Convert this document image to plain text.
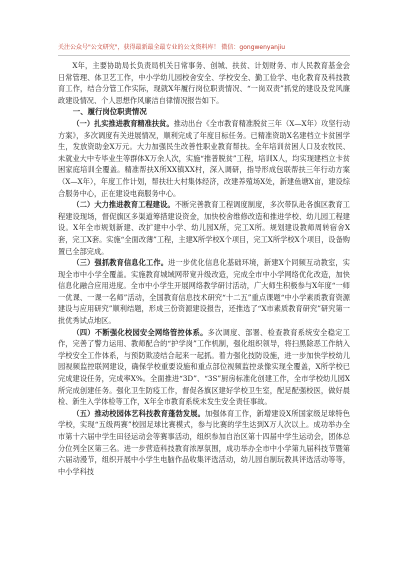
关注公众号"公文研究"，获得最新最全最专业的公文资料库！ 微信：gongwenyanjiu

X年，主要协助局长负责局机关日常事务、创城、扶贫、计划财务、市人民教育基金会日常管理、体卫艺工作，中小学幼儿园校舍安全、学校安全、勤工俭学、电化教育及科技教育工作，结合分管工作实际，现就X年履行岗位职责情况、“一岗双责”抓党的建设及党风廉政建设情况、个人思想作风廉洁自律情况报告如下。

一、履行岗位职责情况

（一）扎实推进教育精准扶贫。推动出台《全市教育精准脱贫三年（X—X年）攻坚行动方案》，多次调度有关进展情况，顺利完成了年度目标任务。已精准资助X名建档立卡贫困学生，发放资助金X万元。大力加强民生改善性职业教育帮扶。全年培训贫困人口及农牧民、未就业大中专毕业生等群体X万余人次，实施“推普脱贫”工程，培训X人，均实现建档立卡贫困家庭培训全覆盖。精准帮扶X所XX镇XX村，深入调研，指导形成包联帮扶三年行动方案（X—X年），年度工作计划，帮扶壮大村集体经济，改建养殖场X处，新建鱼塘X亩，建设综合服务中心，正在建设电商服务中心。

（二）大力推进教育工程建设。不断完善教育工程调度制度，多次带队赴各旗区教育工程建设现场，督促旗区多渠道筹措建设资金，加快校舍维修改造和推进学校、幼儿园工程建设。X年全市规划新建、改扩建中小学、幼儿园X所，完工X所。规划建设教师周转宿舍X套，完工X套。实施“全面改薄”工程，主建X所学校X个项目，完工X所学校X个项目，设备购置已全部完成。

（三）强抓教育信息化工作。进一步优化信息化基础环境，新建X个同频互动教室，实现全市中小学全覆盖。实施教育城域网带宽升级改造，完成全市中小学网络优化改造，加快信息化融合应用进度。全市中小学生开展网络教学研讨活动，广大师生积极参与X年度“一师一优课、一课一名师”活动，全国教育信息技术研究“十二五”重点课题“中小学素质教育资源建设与应用研究”顺利结题，形成三份资源建设报告，还推选了“X市素质教育研究”研究第一批优秀试点地区。

（四）不断强化校园安全网络管控体系。多次调度、部署、检查教育系统安全稳定工作，完善了警力运用、教师配合的“护学岗”工作机制，强化组织领导，将扫黑除恶工作纳入学校安全工作体系，与预防欺凌结合起来一起抓。着力强化技防设施，进一步加快学校幼儿园视频监控联网建设，确保学校重要设施和重点部位视频监控录像实现全覆盖，X所学校已完成建设任务，完成率X%。全面推进“3D”、“3S”厨房标准化创建工作，全市学校幼儿园X所完成创建任务。强化卫生防疫工作，督促各旗区建好学校卫生室，配足配强校医，做好晨检、新生入学体检等工作，X年全市教育系统未发生安全责任事故。

（五）推动校园体艺科技教育蓬勃发展。加强体育工作，新增建设X所国家级足球特色学校，实现“五级两赛”校园足球比赛模式，参与比赛的学生达到X万人次以上。成功举办全市第十六届中学生田径运动会等赛事活动，组织参加自治区第十四届中学生运动会，团体总分位列全区第三名。进一步营造科技教育浓厚氛围，成功举办全市中小学第九届科技节暨第六届动漫节，组织开展中小学生电脑作品收集评选活动，幼儿园自制玩教具评选活动等等，中小学科技
